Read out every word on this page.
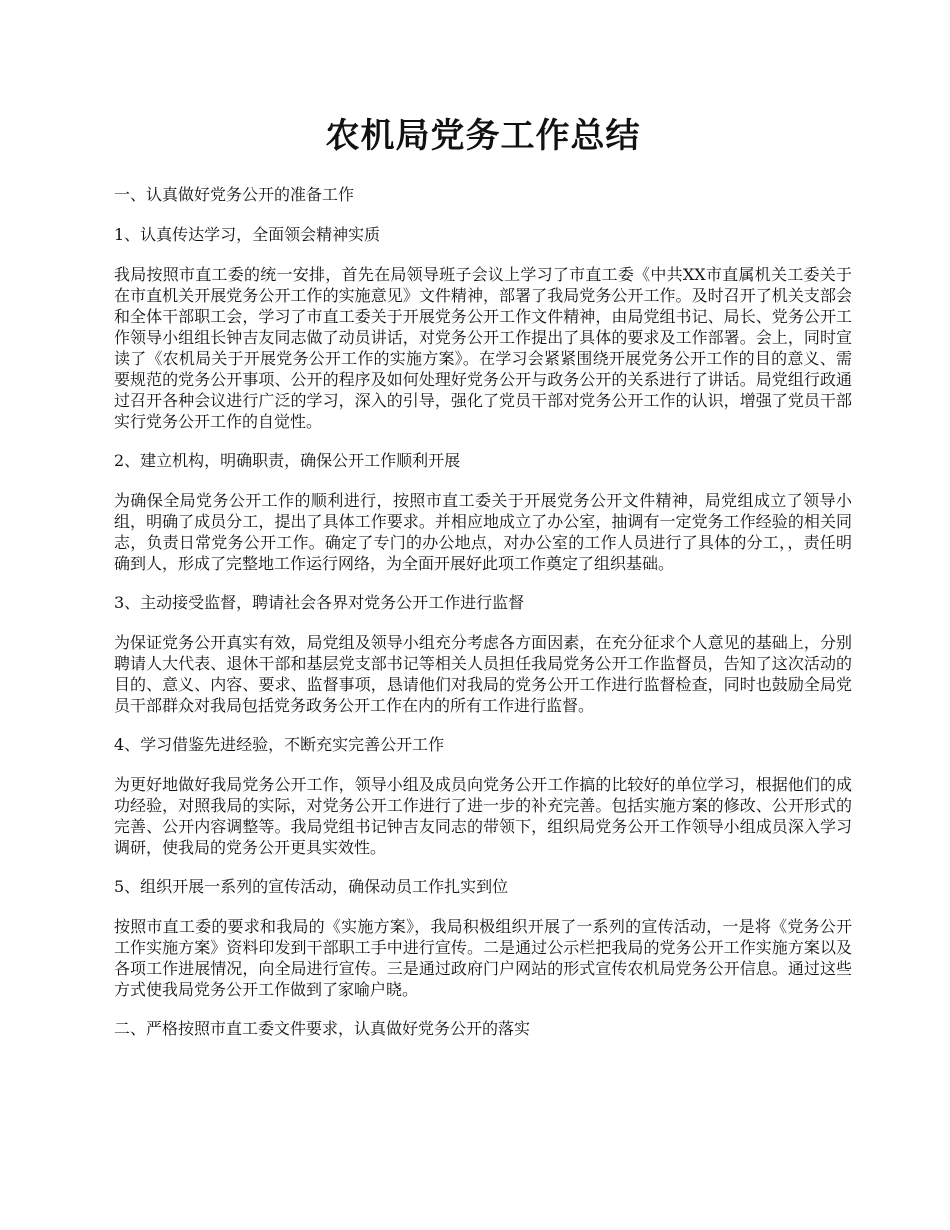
农机局党务工作总结

一、认真做好党务公开的准备工作

1、认真传达学习，全面领会精神实质

我局按照市直工委的统一安排，首先在局领导班子会议上学习了市直工委《中共XX市直属机关工委关于在市直机关开展党务公开工作的实施意见》文件精神，部署了我局党务公开工作。及时召开了机关支部会和全体干部职工会，学习了市直工委关于开展党务公开工作文件精神，由局党组书记、局长、党务公开工作领导小组组长钟吉友同志做了动员讲话，对党务公开工作提出了具体的要求及工作部署。会上，同时宣读了《农机局关于开展党务公开工作的实施方案》。在学习会紧紧围绕开展党务公开工作的目的意义、需要规范的党务公开事项、公开的程序及如何处理好党务公开与政务公开的关系进行了讲话。局党组行政通过召开各种会议进行广泛的学习，深入的引导，强化了党员干部对党务公开工作的认识，增强了党员干部实行党务公开工作的自觉性。

2、建立机构，明确职责，确保公开工作顺利开展

为确保全局党务公开工作的顺利进行，按照市直工委关于开展党务公开文件精神，局党组成立了领导小组，明确了成员分工，提出了具体工作要求。并相应地成立了办公室，抽调有一定党务工作经验的相关同志，负责日常党务公开工作。确定了专门的办公地点，对办公室的工作人员进行了具体的分工，，责任明确到人，形成了完整地工作运行网络，为全面开展好此项工作奠定了组织基础。

3、主动接受监督，聘请社会各界对党务公开工作进行监督

为保证党务公开真实有效，局党组及领导小组充分考虑各方面因素，在充分征求个人意见的基础上，分别聘请人大代表、退休干部和基层党支部书记等相关人员担任我局党务公开工作监督员，告知了这次活动的目的、意义、内容、要求、监督事项，恳请他们对我局的党务公开工作进行监督检查，同时也鼓励全局党员干部群众对我局包括党务政务公开工作在内的所有工作进行监督。

4、学习借鉴先进经验，不断充实完善公开工作

为更好地做好我局党务公开工作，领导小组及成员向党务公开工作搞的比较好的单位学习，根据他们的成功经验，对照我局的实际，对党务公开工作进行了进一步的补充完善。包括实施方案的修改、公开形式的完善、公开内容调整等。我局党组书记钟吉友同志的带领下，组织局党务公开工作领导小组成员深入学习调研，使我局的党务公开更具实效性。

5、组织开展一系列的宣传活动，确保动员工作扎实到位

按照市直工委的要求和我局的《实施方案》，我局积极组织开展了一系列的宣传活动，一是将《党务公开工作实施方案》资料印发到干部职工手中进行宣传。二是通过公示栏把我局的党务公开工作实施方案以及各项工作进展情况，向全局进行宣传。三是通过政府门户网站的形式宣传农机局党务公开信息。通过这些方式使我局党务公开工作做到了家喻户晓。

二、严格按照市直工委文件要求，认真做好党务公开的落实
